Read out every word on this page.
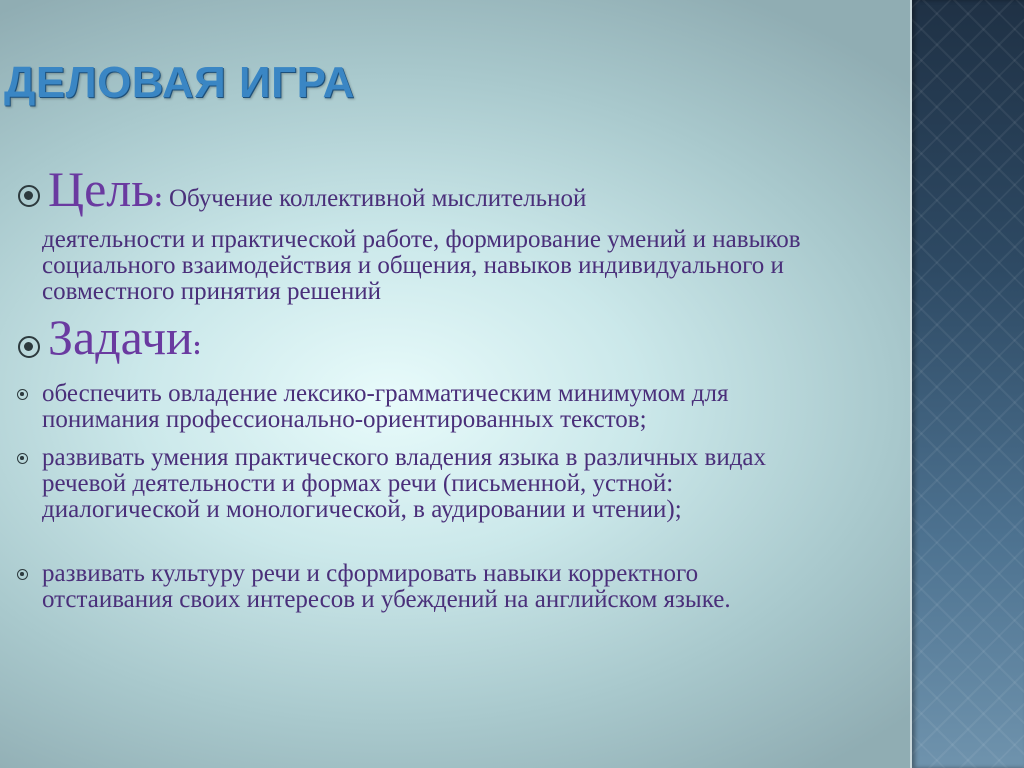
ДЕЛОВАЯ ИГРА
Цель: Обучение коллективной мыслительной
деятельности и практической работе, формирование умений и навыков социального взаимодействия и общения, навыков индивидуального и совместного принятия решений
Задачи:
обеспечить овладение лексико-грамматическим минимумом для понимания профессионально-ориентированных текстов;
развивать умения практического владения языка в различных видах речевой деятельности и формах речи (письменной, устной: диалогической и монологической, в аудировании и чтении);
развивать культуру речи и сформировать навыки корректного отстаивания своих интересов и убеждений на английском языке.
